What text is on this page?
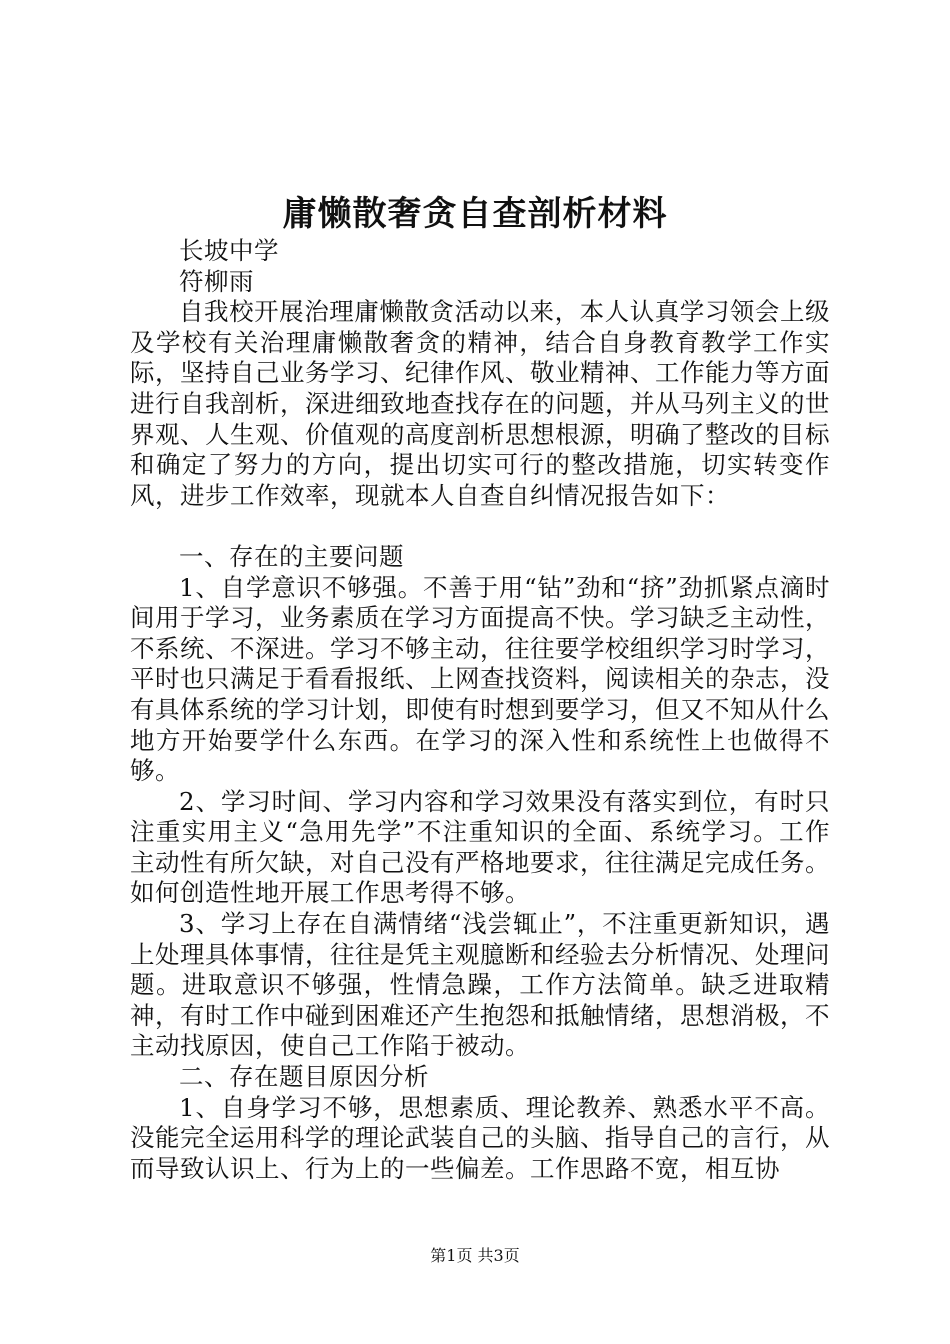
庸懒散奢贪自查剖析材料

长坡中学

符柳雨

自我校开展治理庸懒散贪活动以来，本人认真学习领会上级及学校有关治理庸懒散奢贪的精神，结合自身教育教学工作实际，坚持自己业务学习、纪律作风、敬业精神、工作能力等方面进行自我剖析，深进细致地查找存在的问题，并从马列主义的世界观、人生观、价值观的高度剖析思想根源，明确了整改的目标和确定了努力的方向，提出切实可行的整改措施，切实转变作风，进步工作效率，现就本人自查自纠情况报告如下：

一、存在的主要问题

1、自学意识不够强。不善于用“钻”劲和“挤”劲抓紧点滴时间用于学习，业务素质在学习方面提高不快。学习缺乏主动性，不系统、不深进。学习不够主动，往往要学校组织学习时学习，平时也只满足于看看报纸、上网查找资料，阅读相关的杂志，没有具体系统的学习计划，即使有时想到要学习，但又不知从什么地方开始要学什么东西。在学习的深入性和系统性上也做得不够。

2、学习时间、学习内容和学习效果没有落实到位，有时只注重实用主义“急用先学”不注重知识的全面、系统学习。工作主动性有所欠缺，对自己没有严格地要求，往往满足完成任务。如何创造性地开展工作思考得不够。

3、学习上存在自满情绪“浅尝辄止”，不注重更新知识，遇上处理具体事情，往往是凭主观臆断和经验去分析情况、处理问题。进取意识不够强，性情急躁，工作方法简单。缺乏进取精神，有时工作中碰到困难还产生抱怨和抵触情绪，思想消极，不主动找原因，使自己工作陷于被动。

二、存在题目原因分析

1、自身学习不够，思想素质、理论教养、熟悉水平不高。没能完全运用科学的理论武装自己的头脑、指导自己的言行，从而导致认识上、行为上的一些偏差。工作思路不宽，相互协

第1页 共3页
